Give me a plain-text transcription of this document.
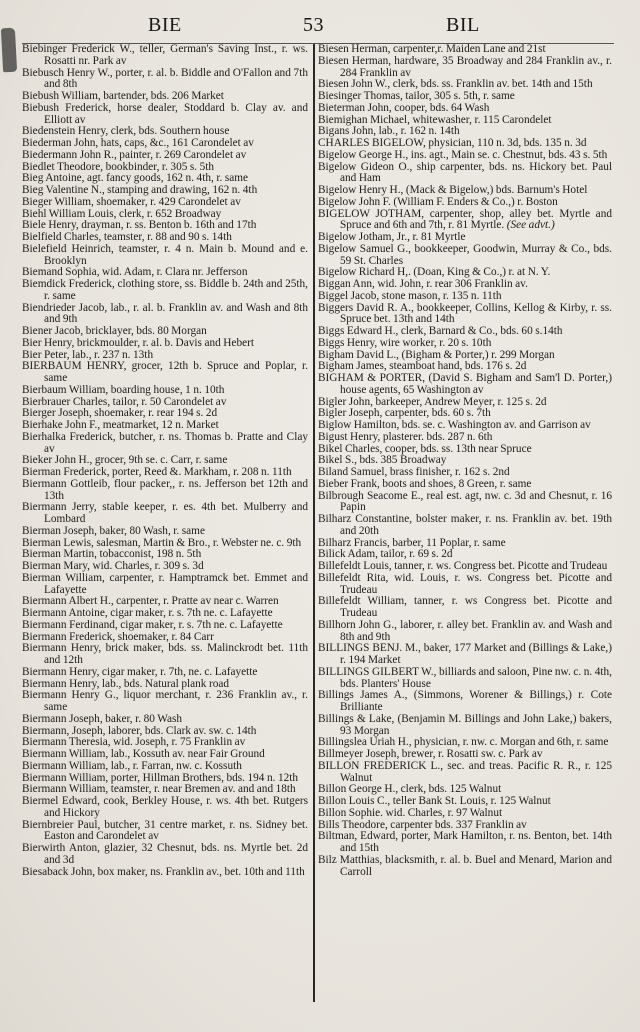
BIE	53	BIL
Biebinger Frederick W., teller, German's Saving Inst., r. ws. Rosatti nr. Park av
Biebusch Henry W., porter, r. al. b. Biddle and O'Fallon and 7th and 8th
Biebush William, bartender, bds. 206 Market
Biebush Frederick, horse dealer, Stoddard b. Clay av. and Elliott av
Biedenstein Henry, clerk, bds. Southern house
Biederman John, hats, caps, &c., 161 Carondelet av
Biedermann John R., painter, r. 269 Carondelet av
Biedlet Theodore, bookbinder, r. 305 s. 5th
Bieg Antoine, agt. fancy goods, 162 n. 4th, r. same
Bieg Valentine N., stamping and drawing, 162 n. 4th
Bieger William, shoemaker, r. 429 Carondelet av
Biehl William Louis, clerk, r. 652 Broadway
Biele Henry, drayman, r. ss. Benton b. 16th and 17th
Bielfield Charles, teamster, r. 88 and 90 s. 14th
Bielefield Heinrich, teamster, r. 4 n. Main b. Mound and e. Brooklyn
Biemand Sophia, wid. Adam, r. Clara nr. Jefferson
Biemdick Frederick, clothing store, ss. Biddle b. 24th and 25th, r. same
Biendrieder Jacob, lab., r. al. b. Franklin av. and Wash and 8th and 9th
Biener Jacob, bricklayer, bds. 80 Morgan
Bier Henry, brickmoulder, r. al. b. Davis and Hebert
Bier Peter, lab., r. 237 n. 13th
BIERBAUM HENRY, grocer, 12th b. Spruce and Poplar, r. same
Bierbaum William, boarding house, 1 n. 10th
Bierbrauer Charles, tailor, r. 50 Carondelet av
Bierger Joseph, shoemaker, r. rear 194 s. 2d
Bierhake John F., meatmarket, 12 n. Market
Bierhalka Frederick, butcher, r. ns. Thomas b. Pratte and Clay av
Bieker John H., grocer, 9th se. c. Carr, r. same
Bierman Frederick, porter, Reed &. Markham, r. 208 n. 11th
Biermann Gottleib, flour packer,, r. ns. Jefferson bet 12th and 13th
Biermann Jerry, stable keeper, r. es. 4th bet. Mulberry and Lombard
Bierman Joseph, baker, 80 Wash, r. same
Bierman Lewis, salesman, Martin & Bro., r. Webster ne. c. 9th
Bierman Martin, tobacconist, 198 n. 5th
Bierman Mary, wid. Charles, r. 309 s. 3d
Bierman William, carpenter, r. Hamptramck bet. Emmet and Lafayette
Biermann Albert H., carpenter, r. Pratte av near c. Warren
Biermann Antoine, cigar maker, r. s. 7th ne. c. Lafayette
Biermann Ferdinand, cigar maker, r. s. 7th ne. c. Lafayette
Biermann Frederick, shoemaker, r. 84 Carr
Biermann Henry, brick maker, bds. ss. Malinckrodt bet. 11th and 12th
Biermann Henry, cigar maker, r. 7th, ne. c. Lafayette
Biermann Henry, lab., bds. Natural plank road
Biermann Henry G., liquor merchant, r. 236 Franklin av., r. same
Biermann Joseph, baker, r. 80 Wash
Biermann, Joseph, laborer, bds. Clark av. sw. c. 14th
Biermann Theresia, wid. Joseph, r. 75 Franklin av
Biermann William, lab., Kossuth av. near Fair Ground
Biermann William, lab., r. Farran, nw. c. Kossuth
Biermann William, porter, Hillman Brothers, bds. 194 n. 12th
Biermann William, teamster, r. near Bremen av. and and 18th
Biermel Edward, cook, Berkley House, r. ws. 4th bet. Rutgers and Hickory
Biernbreier Paul, butcher, 31 centre market, r. ns. Sidney bet. Easton and Carondelet av
Bierwirth Anton, glazier, 32 Chesnut, bds. ns. Myrtle bet. 2d and 3d
Biesaback John, box maker, ns. Franklin av., bet. 10th and 11th
Biesen Herman, carpenter,r. Maiden Lane and 21st
Biesen Herman, hardware, 35 Broadway and 284 Franklin av., r. 284 Franklin av
Biesen John W., clerk, bds. ss. Franklin av. bet. 14th and 15th
Biesinger Thomas, tailor, 305 s. 5th, r. same
Bieterman John, cooper, bds. 64 Wash
Biemighan Michael, whitewasher, r. 115 Carondelet
Bigans John, lab., r. 162 n. 14th
CHARLES BIGELOW, physician, 110 n. 3d, bds. 135 n. 3d
Bigelow George H., ins. agt., Main se. c. Chestnut, bds. 43 s. 5th
Bigelow Gideon O., ship carpenter, bds. ns. Hickory bet. Paul and Ham
Bigelow Henry H., (Mack & Bigelow,) bds. Barnum's Hotel
Bigelow John F. (William F. Enders & Co.,) r. Boston
BIGELOW JOTHAM, carpenter, shop, alley bet. Myrtle and Spruce and 6th and 7th, r. 81 Myrtle. (See advt.)
Bigelow Jotham, Jr., r. 81 Myrtle
Bigelow Samuel G., bookkeeper, Goodwin, Murray & Co., bds. 59 St. Charles
Bigelow Richard H,. (Doan, King & Co.,) r. at N. Y.
Biggan Ann, wid. John, r. rear 306 Franklin av.
Biggel Jacob, stone mason, r. 135 n. 11th
Biggers David R. A., bookkeeper, Collins, Kellog & Kirby, r. ss. Spruce bet. 13th and 14th
Biggs Edward H., clerk, Barnard & Co., bds. 60 s.14th
Biggs Henry, wire worker, r. 20 s. 10th
Bigham David L., (Bigham & Porter,) r. 299 Morgan
Bigham James, steamboat hand, bds. 176 s. 2d
BIGHAM & PORTER, (David S. Bigham and Sam'l D. Porter,) house agents, 65 Washington av
Bigler John, barkeeper, Andrew Meyer, r. 125 s. 2d
Bigler Joseph, carpenter, bds. 60 s. 7th
Biglow Hamilton, bds. se. c. Washington av. and Garrison av
Bigust Henry, plasterer. bds. 287 n. 6th
Bikel Charles, cooper, bds. ss. 13th near Spruce
Bikel S., bds. 385 Broadway
Biland Samuel, brass finisher, r. 162 s. 2nd
Bieber Frank, boots and shoes, 8 Green, r. same
Bilbrough Seacome E., real est. agt, nw. c. 3d and Chesnut, r. 16 Papin
Bilharz Constantine, bolster maker, r. ns. Franklin av. bet. 19th and 20th
Bilharz Francis, barber, 11 Poplar, r. same
Bilick Adam, tailor, r. 69 s. 2d
Billefeldt Louis, tanner, r. ws. Congress bet. Picotte and Trudeau
Billefeldt Rita, wid. Louis, r. ws. Congress bet. Picotte and Trudeau
Billefeldt William, tanner, r. ws Congress bet. Picotte and Trudeau
Billhorn John G., laborer, r. alley bet. Franklin av. and Wash and 8th and 9th
BILLINGS BENJ. M., baker, 177 Market and (Billings & Lake,) r. 194 Market
BILLINGS GILBERT W., billiards and saloon, Pine nw. c. n. 4th, bds. Planters' House
Billings James A., (Simmons, Worener & Billings,) r. Cote Brilliante
Billings & Lake, (Benjamin M. Billings and John Lake,) bakers, 93 Morgan
Billingslea Uriah H., physician, r. nw. c. Morgan and 6th, r. same
Billmeyer Joseph, brewer, r. Rosatti sw. c. Park av
BILLON FREDERICK L., sec. and treas. Pacific R. R., r. 125 Walnut
Billon George H., clerk, bds. 125 Walnut
Billon Louis C., teller Bank St. Louis, r. 125 Walnut
Billon Sophie. wid. Charles, r. 97 Walnut
Bills Theodore, carpenter bds. 337 Franklin av
Biltman, Edward, porter, Mark Hamilton, r. ns. Benton, bet. 14th and 15th
Bilz Matthias, blacksmith, r. al. b. Buel and Menard, Marion and Carroll
